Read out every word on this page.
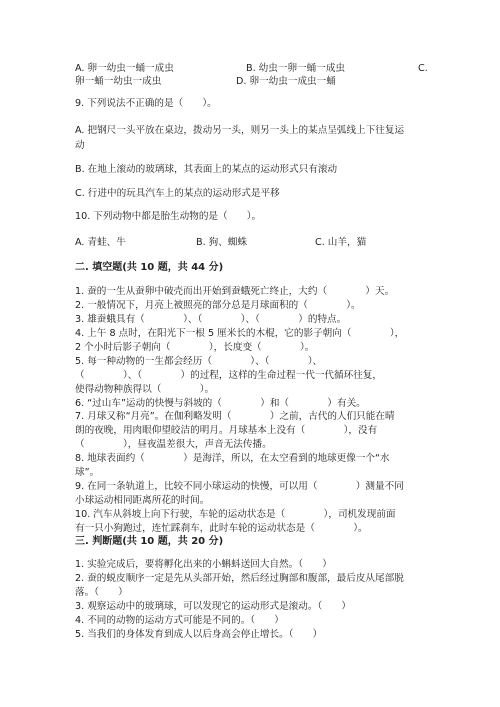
A. 卵一幼虫一蛹一成虫	B. 幼虫一卵一蛹一成虫	C.
卵一蛹一幼虫一成虫	D. 卵一幼虫一成虫一蛹
9. 下列说法不正确的是（　　）。
A. 把钢尺一头平放在桌边，拨动另一头，则另一头上的某点呈弧线上下往复运
动
B. 在地上滚动的玻璃球，其表面上的某点的运动形式只有滚动
C. 行进中的玩具汽车上的某点的运动形式是平移
10. 下列动物中都是胎生动物的是（　　）。
A. 青蛙、牛	B. 狗、蜘蛛	C. 山羊，猫
二. 填空题(共 10 题，共 44 分)
1. 蚕的一生从蚕卵中破壳而出开始到蚕蛾死亡终止，大约（　　　　）天。
2. 一般情况下，月亮上被照亮的部分总是月球面积的（　　　　）。
3. 雄蚕蛾具有（　　　　）、（　　　　）、（　　　　）的特点。
4. 上午 8 点时，在阳光下一根 5 厘米长的木棍，它的影子朝向（　　　　），
2 个小时后影子朝向（　　　　），长度变（　　　　）。
5. 每一种动物的一生都会经历（　　　　）、（　　　　）、
（　　　　）、（　　　　）的过程，这样的生命过程一代一代循环往复，
使得动物种族得以（　　　　）。
6. “过山车”运动的快慢与斜坡的（　　　　）和（　　　　）有关。
7. 月球又称“月亮”。在伽利略发明（　　　　）之前，古代的人们只能在晴
朗的夜晚，用肉眼仰望皎洁的明月。月球基本上没有（　　　　），没有
（　　　　），昼夜温差很大，声音无法传播。
8. 地球表面约（　　　　）是海洋，所以，在太空看到的地球更像一个“水
球”。
9. 在同一条轨道上，比较不同小球运动的快慢，可以用（　　　　）测量不同
小球运动相同距离所花的时间。
10. 汽车从斜坡上向下行驶，车轮的运动状态是（　　　　），司机发现前面
有一只小狗跑过，连忙踩刹车，此时车轮的运动状态是（　　　　）。
三. 判断题(共 10 题，共 20 分)
1. 实验完成后，要将孵化出来的小蝌蚪送回大自然。（　　）
2. 蚕的蜕皮顺序一定是先从头部开始，然后经过胸部和腹部，最后皮从尾部脱
落。（　　）
3. 观察运动中的玻璃球，可以发现它的运动形式是滚动。（　　）
4. 不同的动物的运动方式可能是不同的。（　　）
5. 当我们的身体发育到成人以后身高会停止增长。（　　）
